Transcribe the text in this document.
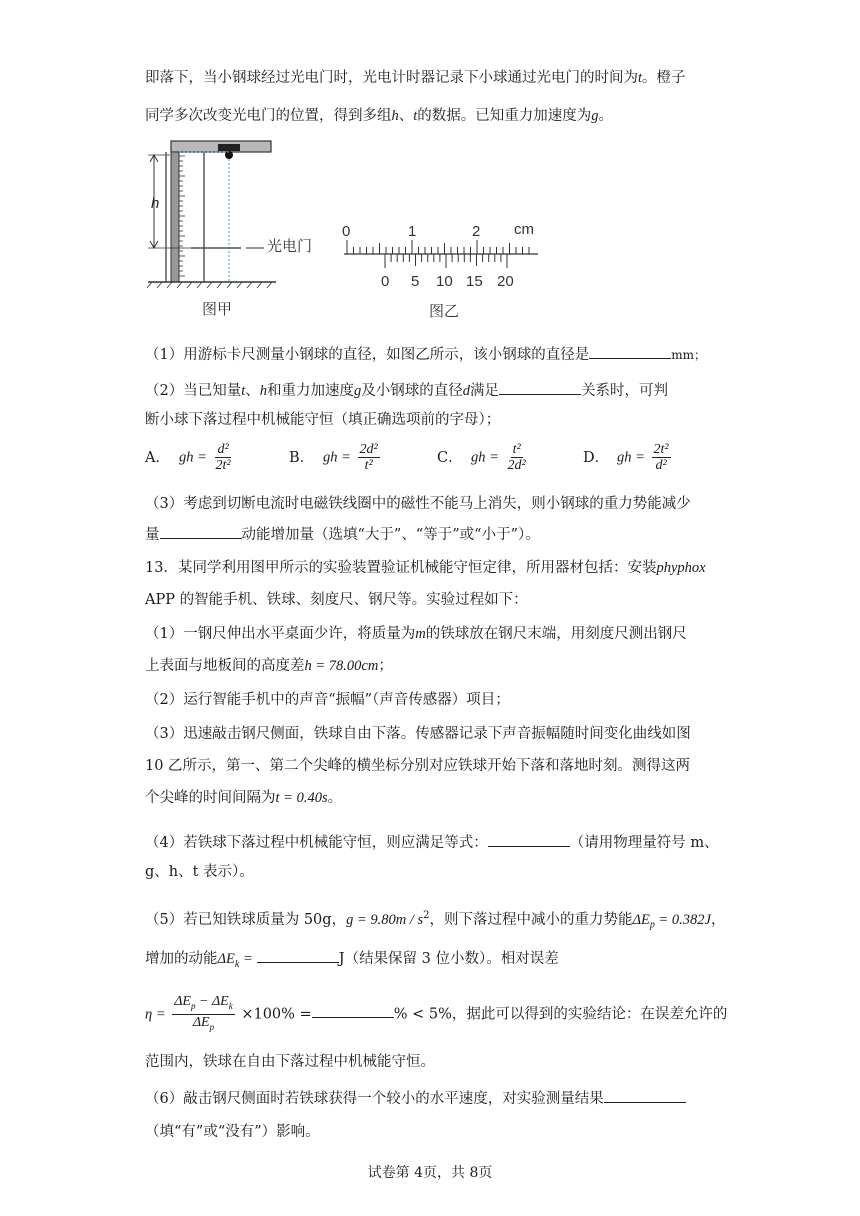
即落下，当小钢球经过光电门时，光电计时器记录下小球通过光电门的时间为t。橙子
同学多次改变光电门的位置，得到多组h、t的数据。已知重力加速度为g。
h
光电门
图甲
0	1	2 cm
0 5 10 15 20
图乙
（1）用游标卡尺测量小钢球的直径，如图乙所示，该小钢球的直径是	mm；
（2）当已知量t、h和重力加速度g及小钢球的直径d满足	关系时，可判
断小球下落过程中机械能守恒（填正确选项前的字母）；
A． gh = $\frac{\text{d²}}{\text{2t²}}$	B． gh = $\frac{\text{2d²}}{\text{t²}}$	C． gh = $\frac{\text{t²}}{\text{2d²}}$	D． gh = $\frac{\text{2t²}}{\text{d²}}$
（3）考虑到切断电流时电磁铁线圈中的磁性不能马上消失，则小钢球的重力势能减少
量	动能增加量（选填“大于”、“等于”或“小于”）。
13．某同学利用图甲所示的实验装置验证机械能守恒定律，所用器材包括：安装phyphox
APP 的智能手机、铁球、刻度尺、钢尺等。实验过程如下：
（1）一钢尺伸出水平桌面少许，将质量为m的铁球放在钢尺末端，用刻度尺测出钢尺
上表面与地板间的高度差h = 78.00cm；
（2）运行智能手机中的声音“振幅”（声音传感器）项目；
（3）迅速敲击钢尺侧面，铁球自由下落。传感器记录下声音振幅随时间变化曲线如图
10 乙所示，第一、第二个尖峰的横坐标分别对应铁球开始下落和落地时刻。测得这两
个尖峰的时间间隔为t = 0.40s。
（4）若铁球下落过程中机械能守恒，则应满足等式：	（请用物理量符号 m、
g、h、t 表示）。
（5）若已知铁球质量为 50g，$g = 9.80m / s^2$，则下落过程中减小的重力势能$\Delta E_p = 0.382J$，
增加的动能$\Delta E_k$ =	J（结果保留 3 位小数）。相对误差
$\eta = \frac{\Delta E_p - \Delta E_k}{\Delta E_p} \times 100\%$ =	% < 5%，据此可以得到的实验结论：在误差允许的
范围内，铁球在自由下落过程中机械能守恒。
（6）敲击钢尺侧面时若铁球获得一个较小的水平速度，对实验测量结果
（填“有”或“没有”）影响。
试卷第 4页，共 8页
